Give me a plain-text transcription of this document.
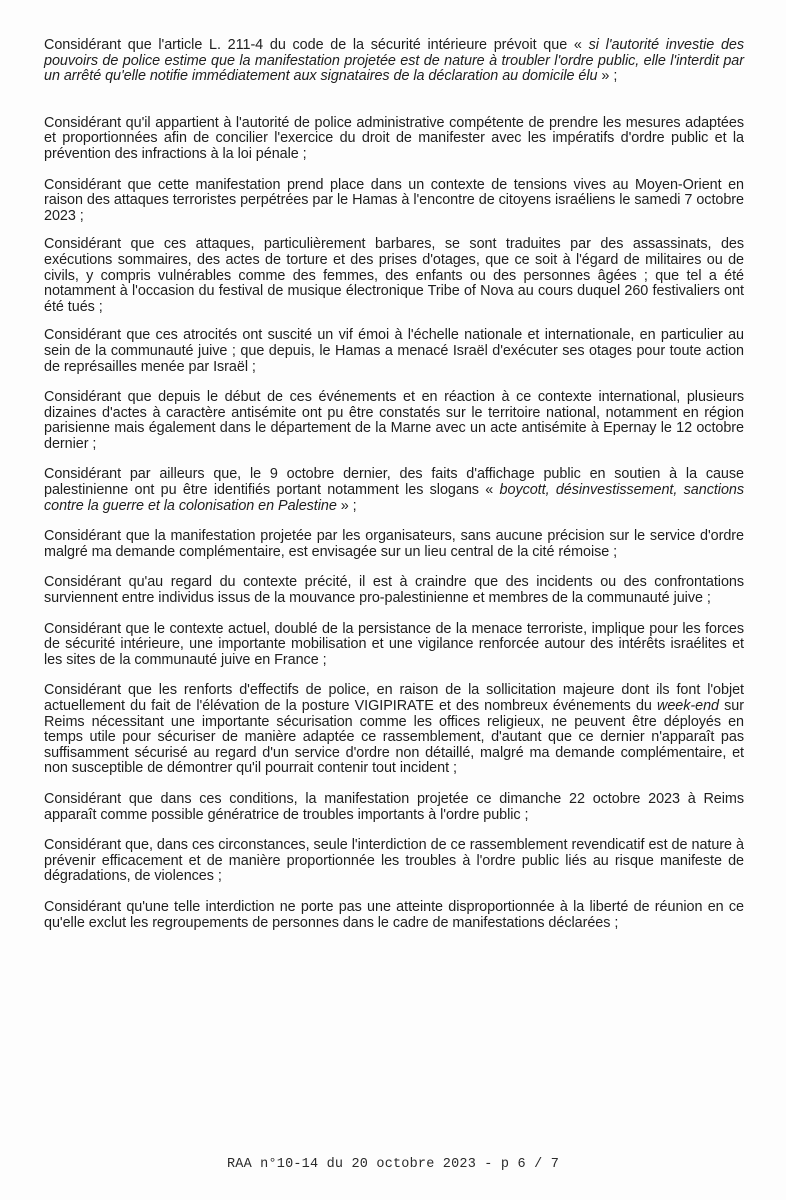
Considérant que l'article L. 211-4 du code de la sécurité intérieure prévoit que « si l'autorité investie des pouvoirs de police estime que la manifestation projetée est de nature à troubler l'ordre public, elle l'interdit par un arrêté qu'elle notifie immédiatement aux signataires de la déclaration au domicile élu » ;

Considérant qu'il appartient à l'autorité de police administrative compétente de prendre les mesures adaptées et proportionnées afin de concilier l'exercice du droit de manifester avec les impératifs d'ordre public et la prévention des infractions à la loi pénale ;

Considérant que cette manifestation prend place dans un contexte de tensions vives au Moyen-Orient en raison des attaques terroristes perpétrées par le Hamas à l'encontre de citoyens israéliens le samedi 7 octobre 2023 ;

Considérant que ces attaques, particulièrement barbares, se sont traduites par des assassinats, des exécutions sommaires, des actes de torture et des prises d'otages, que ce soit à l'égard de militaires ou de civils, y compris vulnérables comme des femmes, des enfants ou des personnes âgées ; que tel a été notamment à l'occasion du festival de musique électronique Tribe of Nova au cours duquel 260 festivaliers ont été tués ;

Considérant que ces atrocités ont suscité un vif émoi à l'échelle nationale et internationale, en particulier au sein de la communauté juive ; que depuis, le Hamas a menacé Israël d'exécuter ses otages pour toute action de représailles menée par Israël ;

Considérant que depuis le début de ces événements et en réaction à ce contexte international, plusieurs dizaines d'actes à caractère antisémite ont pu être constatés sur le territoire national, notamment en région parisienne mais également dans le département de la Marne avec un acte antisémite à Epernay le 12 octobre dernier ;

Considérant par ailleurs que, le 9 octobre dernier, des faits d'affichage public en soutien à la cause palestinienne ont pu être identifiés portant notamment les slogans « boycott, désinvestissement, sanctions contre la guerre et la colonisation en Palestine » ;

Considérant que la manifestation projetée par les organisateurs, sans aucune précision sur le service d'ordre malgré ma demande complémentaire, est envisagée sur un lieu central de la cité rémoise ;

Considérant qu'au regard du contexte précité, il est à craindre que des incidents ou des confrontations surviennent entre individus issus de la mouvance pro-palestinienne et membres de la communauté juive ;

Considérant que le contexte actuel, doublé de la persistance de la menace terroriste, implique pour les forces de sécurité intérieure, une importante mobilisation et une vigilance renforcée autour des intérêts israélites et les sites de la communauté juive en France ;

Considérant que les renforts d'effectifs de police, en raison de la sollicitation majeure dont ils font l'objet actuellement du fait de l'élévation de la posture VIGIPIRATE et des nombreux événements du week-end sur Reims nécessitant une importante sécurisation comme les offices religieux, ne peuvent être déployés en temps utile pour sécuriser de manière adaptée ce rassemblement, d'autant que ce dernier n'apparaît pas suffisamment sécurisé au regard d'un service d'ordre non détaillé, malgré ma demande complémentaire, et non susceptible de démontrer qu'il pourrait contenir tout incident ;

Considérant que dans ces conditions, la manifestation projetée ce dimanche 22 octobre 2023 à Reims apparaît comme possible génératrice de troubles importants à l'ordre public ;

Considérant que, dans ces circonstances, seule l'interdiction de ce rassemblement revendicatif est de nature à prévenir efficacement et de manière proportionnée les troubles à l'ordre public liés au risque manifeste de dégradations, de violences ;

Considérant qu'une telle interdiction ne porte pas une atteinte disproportionnée à la liberté de réunion en ce qu'elle exclut les regroupements de personnes dans le cadre de manifestations déclarées ;

RAA n°10-14 du 20 octobre 2023 - p 6 / 7
